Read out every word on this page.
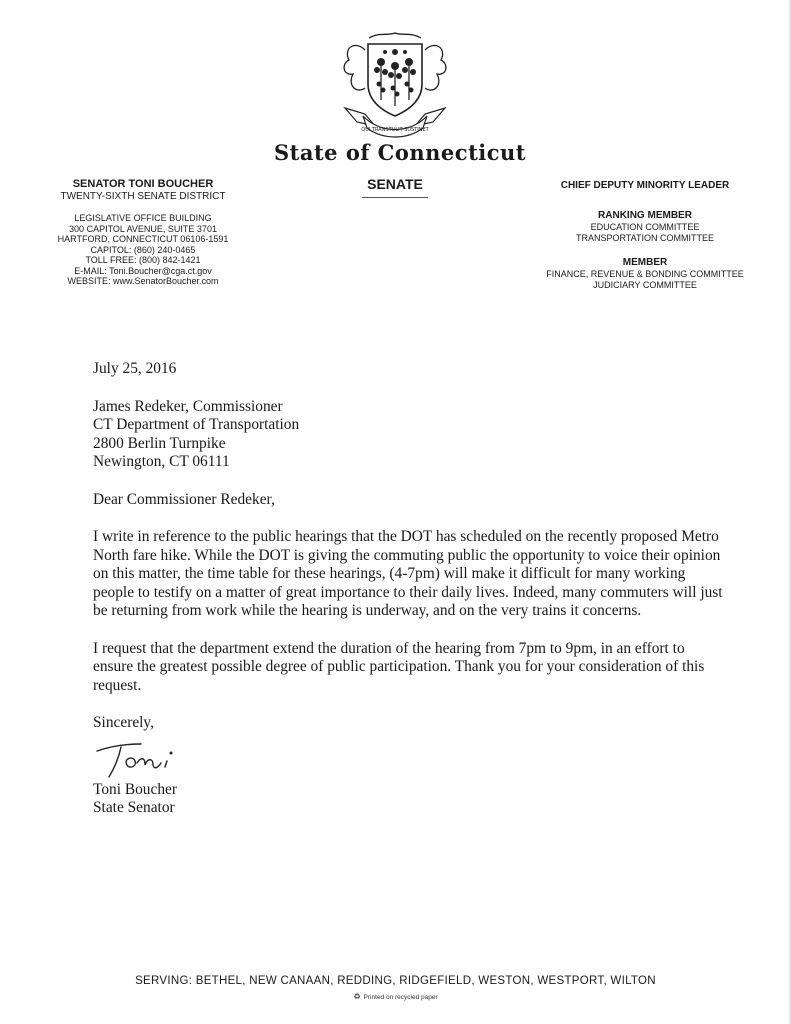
QUI TRANSTULIT SUSTINET
State of Connecticut
SENATE
SENATOR TONI BOUCHER
TWENTY-SIXTH SENATE DISTRICT
LEGISLATIVE OFFICE BUILDING
300 CAPITOL AVENUE, SUITE 3701
HARTFORD, CONNECTICUT 06106-1591
CAPITOL: (860) 240-0465
TOLL FREE: (800) 842-1421
E-MAIL: Toni.Boucher@cga.ct.gov
WEBSITE: www.SenatorBoucher.com
CHIEF DEPUTY MINORITY LEADER
RANKING MEMBER
EDUCATION COMMITTEE
TRANSPORTATION COMMITTEE
MEMBER
FINANCE, REVENUE & BONDING COMMITTEE
JUDICIARY COMMITTEE

July 25, 2016

James Redeker, Commissioner

CT Department of Transportation

2800 Berlin Turnpike

Newington, CT 06111

Dear Commissioner Redeker,

I write in reference to the public hearings that the DOT has scheduled on the recently proposed Metro North fare hike. While the DOT is giving the commuting public the opportunity to voice their opinion on this matter, the time table for these hearings, (4-7pm) will make it difficult for many working people to testify on a matter of great importance to their daily lives. Indeed, many commuters will just be returning from work while the hearing is underway, and on the very trains it concerns.

I request that the department extend the duration of the hearing from 7pm to 9pm, in an effort to ensure the greatest possible degree of public participation. Thank you for your consideration of this request.

Sincerely,

Toni Boucher

State Senator

SERVING: BETHEL, NEW CANAAN, REDDING, RIDGEFIELD, WESTON, WESTPORT, WILTON
♻ Printed on recycled paper
